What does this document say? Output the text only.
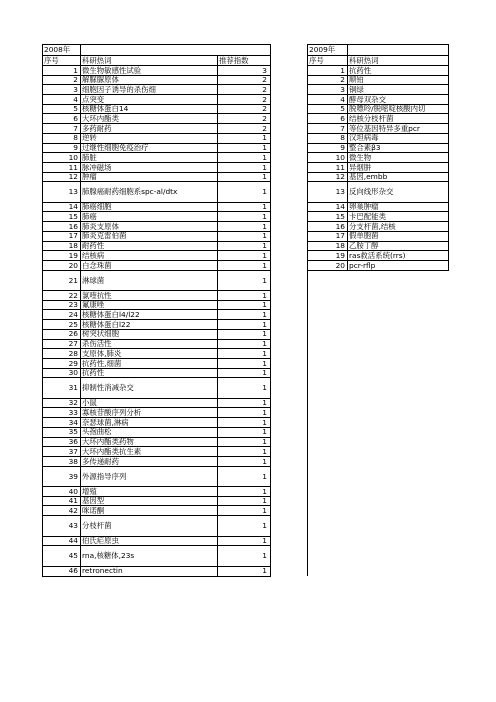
2008年				2009年	
序号	科研热词	推荐指数		序号	科研热词
1	微生物敏感性试验	3		1	抗药性
2	解脲脲原体	2		2	顺铂
3	细胞因子诱导的杀伤细	2		3	铜绿
4	点突变	2		4	酵母双杂交
5	核糖体蛋白14	2		5	脱嘌呤/脱嘧啶核酸内切
6	大环内酯类	2		6	结核分枝杆菌
7	多药耐药	2		7	等位基因特异多重pcr
8	逆转	1		8	汉坦病毒
9	过继性细胞免疫治疗	1		9	整合素β3
10	肺脏	1		10	微生物
11	脉冲磁场	1		11	异烟肼
12	肿瘤	1		12	基因,embb
13	肺腺癌耐药细胞系spc-al/dtx	1		13	反向线形杂交
14	肺癌细胞	1		14	卵巢肿瘤
15	肺癌	1		15	卡巴配能类
16	肺炎支原体	1		16	分支杆菌,结核
17	肺炎克雷伯菌	1		17	假单胞菌
18	耐药性	1		18	乙胺丁醇
19	结核病	1		19	ras救活系统(rrs)
20	白念珠菌	1		20	pcr-rflp
21	淋球菌	1			
22	氯喹抗性	1			
23	氟康唑	1			
24	核糖体蛋白l4/l22	1			
25	核糖体蛋白l22	1			
26	树突状细胞	1			
27	杀伤活性	1			
28	支原体,肺炎	1			
29	抗药性,细菌	1			
30	抗药性	1			
31	抑制性消减杂交	1			
32	小鼠	1			
33	寡核苷酸序列分析	1			
34	奈瑟球菌,淋病	1			
35	头孢曲松	1			
36	大环内酯类药物	1			
37	大环内酯类抗生素	1			
38	多传递耐药	1			
39	外源指导序列	1			
40	增殖	1			
41	基因型	1			
42	咪诺酮	1			
43	分枝杆菌	1			
44	伯氏疟原虫	1			
45	rna,核糖体,23s	1			
46	retronectin	1			
